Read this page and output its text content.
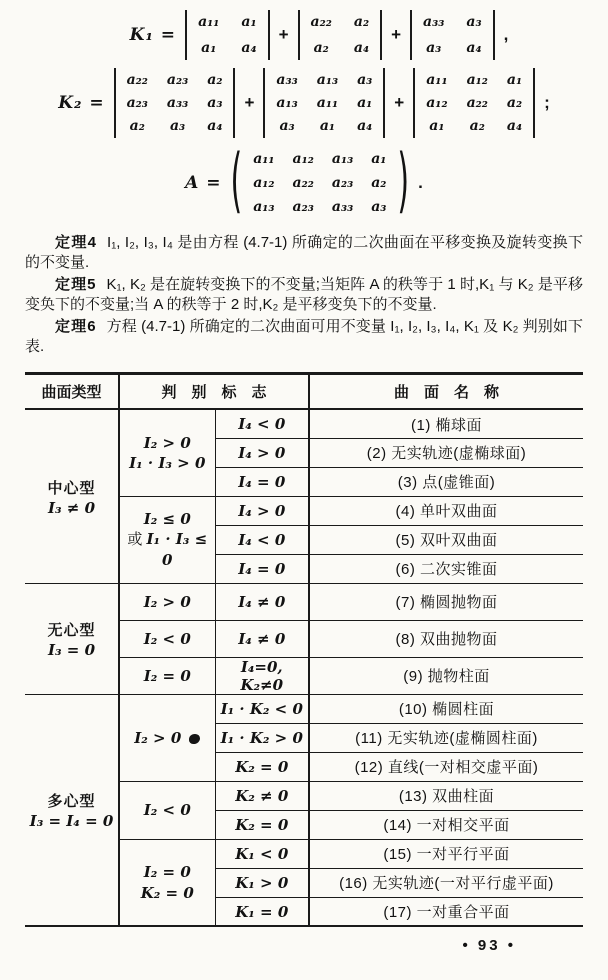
K₁ =
a₁₁ a₁
a₁ a₄
+
a₂₂ a₂
a₂ a₄
+
a₃₃ a₃
a₃ a₄
,
K₂ =
a₂₂ a₂₃ a₂
a₂₃ a₃₃ a₃
a₂ a₃ a₄
+
a₃₃ a₁₃ a₃
a₁₃ a₁₁ a₁
a₃ a₁ a₄
+
a₁₁ a₁₂ a₁
a₁₂ a₂₂ a₂
a₁ a₂ a₄
;
A = ( a₁₁ a₁₂ a₁₃ a₁
a₁₂ a₂₂ a₂₃ a₂
a₁₃ a₂₃ a₃₃ a₃ ) .

定理4 I₁, I₂, I₃, I₄ 是由方程 (4.7-1) 所确定的二次曲面在平移变换及旋转变换下的不变量.

定理5 K₁, K₂ 是在旋转变换下的不变量;当矩阵 A 的秩等于 1 时,K₁ 与 K₂ 是平移变奂下的不变量;当 A 的秩等于 2 时,K₂ 是平移变奂下的不变量.

定理6 方程 (4.7-1) 所确定的二次曲面可用不变量 I₁, I₂, I₃, I₄, K₁ 及 K₂ 判别如下表.

曲面类型	判　别　标　志		曲　面　名　称

中心型
I₃ ≠ 0

I₂ > 0
I₁ · I₃ > 0
	I₄ < 0	(1) 椭球面
		I₄ > 0	(2) 无实轨迹(虚椭球面)
		I₄ = 0	(3) 点(虚锥面)

	I₂ ≤ 0
或 I₁ · I₃ ≤ 0	I₄ > 0	(4) 单叶双曲面
		I₄ < 0	(5) 双叶双曲面
		I₄ = 0	(6) 二次实锥面

无心型
I₃ = 0	I₂ > 0	I₄ ≠ 0	(7) 椭圆抛物面
	I₂ < 0	I₄ ≠ 0	(8) 双曲抛物面
	I₂ = 0	I₄=0, K₂≠0	(9) 抛物柱面

多心型
I₃ = I₄ = 0	I₂ > 0	I₁ · K₂ < 0	(10) 椭圆柱面
		I₁ · K₂ > 0	(11) 无实轨迹(虚椭圆柱面)
		K₂ = 0	(12) 直线(一对相交虚平面)
	I₂ < 0	K₂ ≠ 0	(13) 双曲柱面
		K₂ = 0	(14) 一对相交平面

	I₂ = 0
K₂ = 0	K₁ < 0	(15) 一对平行平面
		K₁ > 0	(16) 无实轨迹(一对平行虚平面)
		K₁ = 0	(17) 一对重合平面
• 93 •
